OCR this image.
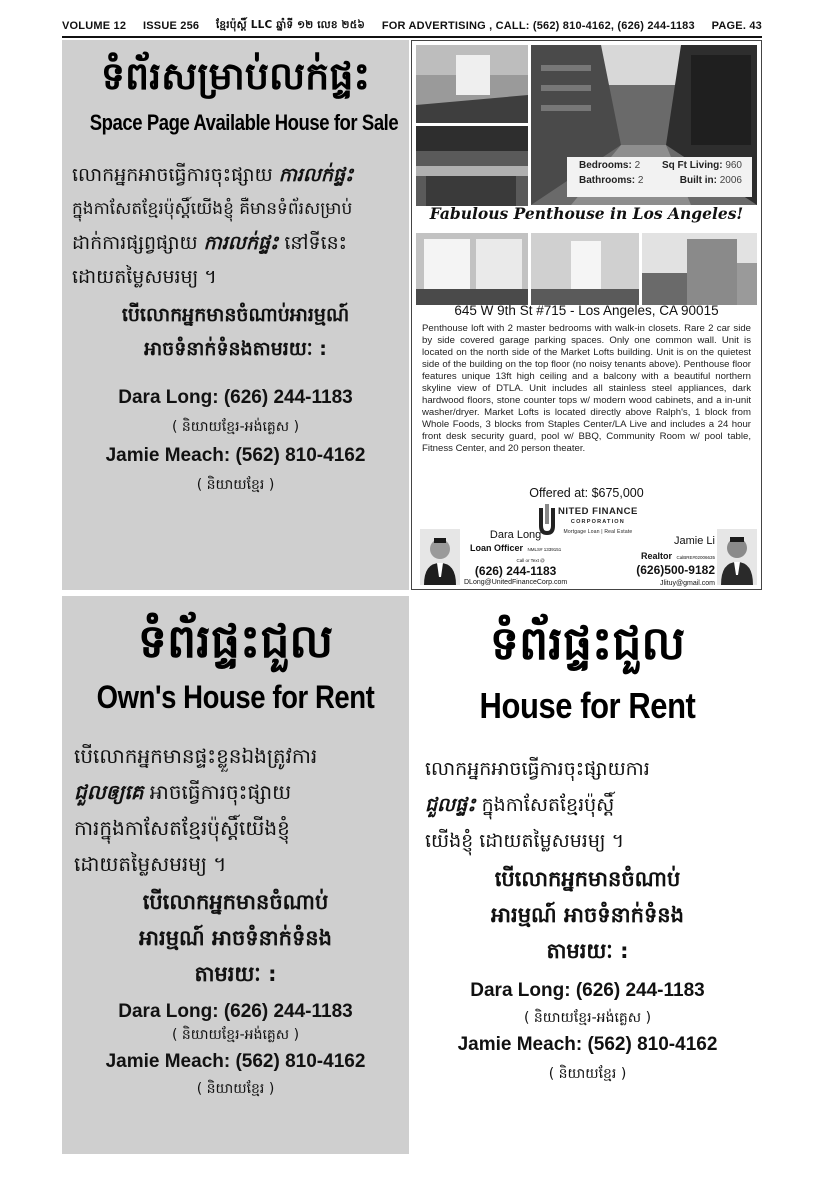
VOLUME 12 ISSUE 256 ខ្មែរប៉ុស្ដិ៍ LLC ឆ្នាំទី ១២ លេខ ២៥៦ FOR ADVERTISING , CALL: (562) 810-4162, (626) 244-1183 PAGE. 43
ទំព័រសម្រាប់លក់ផ្ទះ
Space Page Available House for Sale
លោកអ្នកអាចធ្វើការចុះផ្សាយ ការលក់ផ្ទះ
ក្នុងកាសែតខ្មែរប៉ុស្ដិ៍យើងខ្ញុំ គឺមានទំព័រសម្រាប់
ដាក់ការផ្សព្វផ្សាយ ការលក់ផ្ទះ នៅទីនេះ
ដោយតម្លៃសមរម្យ ។
បើលោកអ្នកមានចំណាប់អារម្មណ៍
អាចទំនាក់ទំនងតាមរយៈ :
Dara Long: (626) 244-1183
( និយាយខ្មែរ-អង់គ្លេស )
Jamie Meach: (562) 810-4162
( និយាយខ្មែរ )
Bedrooms: 2 Sq Ft Living: 960
Bathrooms: 2	Built in: 2006
Fabulous Penthouse in Los Angeles!
645 W 9th St #715 - Los Angeles, CA 90015
Penthouse loft with 2 master bedrooms with walk-in closets. Rare 2 car side by side covered garage parking spaces. Only one common wall. Unit is located on the north side of the Market Lofts building. Unit is on the quietest side of the building on the top floor (no noisy tenants above). Penthouse floor features unique 13ft high ceiling and a balcony with a beautiful northern skyline view of DTLA. Unit includes all stainless steel appliances, dark hardwood floors, stone counter tops w/ modern wood cabinets, and a in-unit washer/dryer. Market Lofts is located directly above Ralph's, 1 block from Whole Foods, 3 blocks from Staples Center/LA Live and includes a 24 hour front desk security guard, pool w/ BBQ, Community Room w/ pool table, Fitness Center, and 20 person theater.
Offered at: $675,000
NITED FINANCE
CORPORATION
Mortgage Loan | Real Estate
Dara Long
Loan Officer NMLS# 1339151
Call or Text @
(626) 244-1183
DLong@UnitedFinanceCorp.com
Jamie Li
Realtor CalBRE#02006635
(626)500-9182
Jlituy@gmail.com
ទំព័រផ្ទះជួល
Own's House for Rent
បើលោកអ្នកមានផ្ទះខ្លួនឯងត្រូវការ
ជួលឲ្យគេ អាចធ្វើការចុះផ្សាយ
ការក្នុងកាសែតខ្មែរប៉ុស្ដិ៍យើងខ្ញុំ
ដោយតម្លៃសមរម្យ ។
បើលោកអ្នកមានចំណាប់
អារម្មណ៍ អាចទំនាក់ទំនង
តាមរយៈ :
Dara Long: (626) 244-1183
( និយាយខ្មែរ-អង់គ្លេស )
Jamie Meach: (562) 810-4162
( និយាយខ្មែរ )
ទំព័រផ្ទះជួល
House for Rent
លោកអ្នកអាចធ្វើការចុះផ្សាយការ
ជួលផ្ទះ ក្នុងកាសែតខ្មែរប៉ុស្ដិ៍
យើងខ្ញុំ ដោយតម្លៃសមរម្យ ។
បើលោកអ្នកមានចំណាប់
អារម្មណ៍ អាចទំនាក់ទំនង
តាមរយៈ :
Dara Long: (626) 244-1183
( និយាយខ្មែរ-អង់គ្លេស )
Jamie Meach: (562) 810-4162
( និយាយខ្មែរ )
